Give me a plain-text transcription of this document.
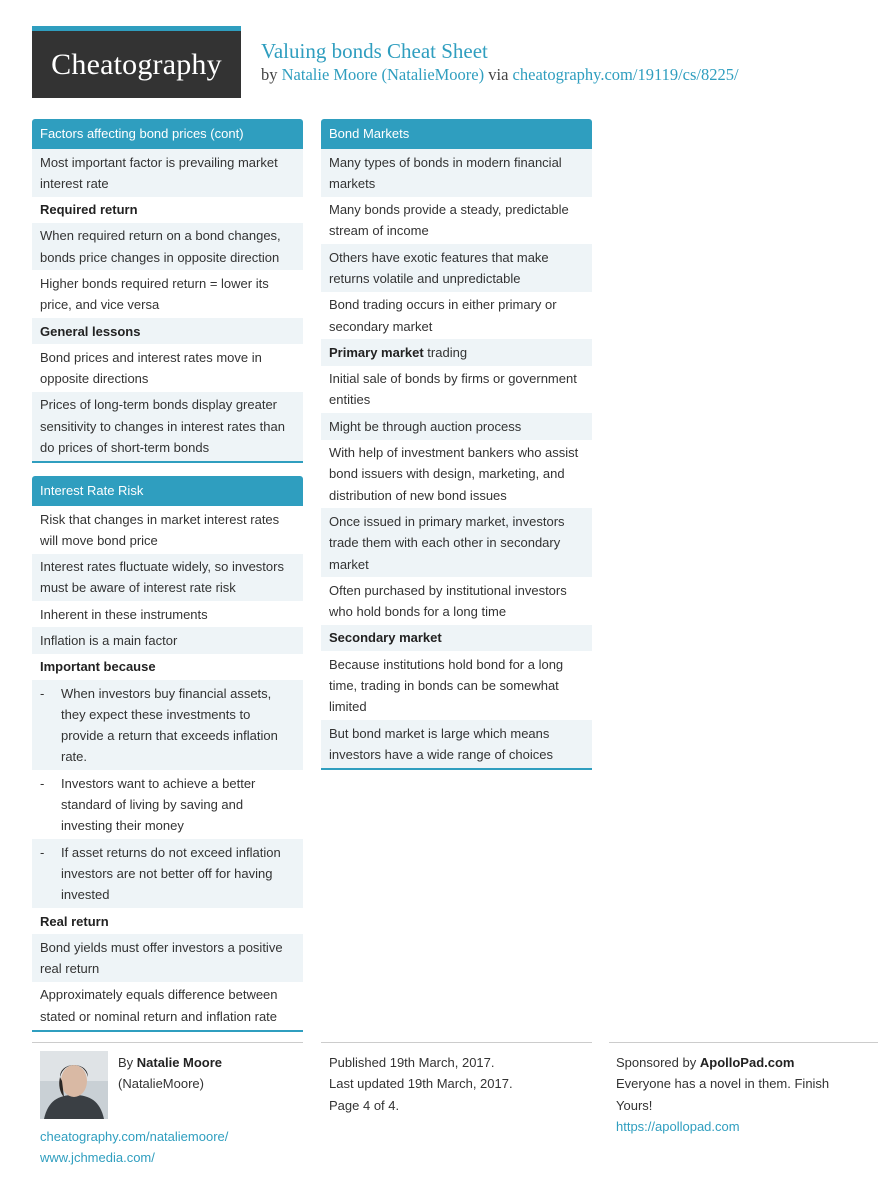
Cheatography	Valuing bonds Cheat Sheet
by Natalie Moore (NatalieMoore) via cheatography.com/19119/cs/8225/
Factors affecting bond prices (cont)
Most important factor is prevailing market interest rate
Required return
When required return on a bond changes, bonds price changes in opposite direction
Higher bonds required return = lower its price, and vice versa
General lessons
Bond prices and interest rates move in opposite directions
Prices of long-term bonds display greater sensitivity to changes in interest rates than do prices of short-term bonds
Interest Rate Risk
Risk that changes in market interest rates will move bond price
Interest rates fluctuate widely, so investors must be aware of interest rate risk
Inherent in these instruments
Inflation is a main factor
Important because
- When investors buy financial assets, they expect these investments to provide a return that exceeds inflation rate.
- Investors want to achieve a better standard of living by saving and investing their money
- If asset returns do not exceed inflation investors are not better off for having invested
Real return
Bond yields must offer investors a positive real return
Approximately equals difference between stated or nominal return and inflation rate
Bond Markets
Many types of bonds in modern financial markets
Many bonds provide a steady, predictable stream of income
Others have exotic features that make returns volatile and unpredictable
Bond trading occurs in either primary or secondary market
Primary market trading
Initial sale of bonds by firms or government entities
Might be through auction process
With help of investment bankers who assist bond issuers with design, marketing, and distribution of new bond issues
Once issued in primary market, investors trade them with each other in secondary market
Often purchased by institutional investors who hold bonds for a long time
Secondary market
Because institutions hold bond for a long time, trading in bonds can be somewhat limited
But bond market is large which means investors have a wide range of choices
By Natalie Moore
(NatalieMoore)
cheatography.com/nataliemoore/
www.jchmedia.com/
Published 19th March, 2017.
Last updated 19th March, 2017.
Page 4 of 4.
Sponsored by ApolloPad.com
Everyone has a novel in them. Finish Yours!
https://apollopad.com
